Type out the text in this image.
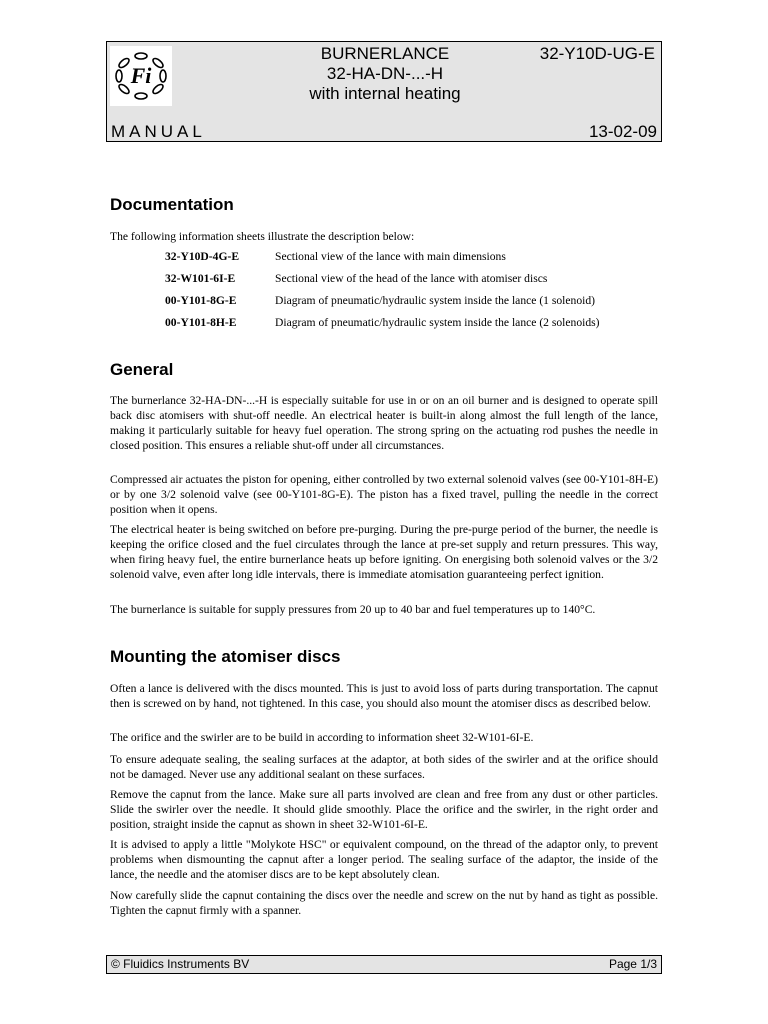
Fi
BURNERLANCE
32-HA-DN-...-H
with internal heating
32-Y10D-UG-E
MANUAL	13-02-09
Documentation

The following information sheets illustrate the description below:

32-Y10D-4G-E	Sectional view of the lance with main dimensions
32-W101-6I-E	Sectional view of the head of the lance with atomiser discs
00-Y101-8G-E	Diagram of pneumatic/hydraulic system inside the lance (1 solenoid)
00-Y101-8H-E	Diagram of pneumatic/hydraulic system inside the lance (2 solenoids)
General

The burnerlance 32-HA-DN-...-H is especially suitable for use in or on an oil burner and is designed to operate spill back disc atomisers with shut-off needle. An electrical heater is built-in along almost the full length of the lance, making it particularly suitable for heavy fuel operation. The strong spring on the actuating rod pushes the needle in closed position. This ensures a reliable shut-off under all circumstances.

Compressed air actuates the piston for opening, either controlled by two external solenoid valves (see 00-Y101-8H-E) or by one 3/2 solenoid valve (see 00-Y101-8G-E). The piston has a fixed travel, pulling the needle in the correct position when it opens.

The electrical heater is being switched on before pre-purging. During the pre-purge period of the burner, the needle is keeping the orifice closed and the fuel circulates through the lance at pre-set supply and return pressures. This way, when firing heavy fuel, the entire burnerlance heats up before igniting. On energising both solenoid valves or the 3/2 solenoid valve, even after long idle intervals, there is immediate atomisation guaranteeing perfect ignition.

The burnerlance is suitable for supply pressures from 20 up to 40 bar and fuel temperatures up to 140°C.

Mounting the atomiser discs

Often a lance is delivered with the discs mounted. This is just to avoid loss of parts during transportation. The capnut then is screwed on by hand, not tightened. In this case, you should also mount the atomiser discs as described below.

The orifice and the swirler are to be build in according to information sheet 32-W101-6I-E.

To ensure adequate sealing, the sealing surfaces at the adaptor, at both sides of the swirler and at the orifice should not be damaged. Never use any additional sealant on these surfaces.

Remove the capnut from the lance. Make sure all parts involved are clean and free from any dust or other particles. Slide the swirler over the needle. It should glide smoothly. Place the orifice and the swirler, in the right order and position, straight inside the capnut as shown in sheet 32-W101-6I-E.

It is advised to apply a little "Molykote HSC" or equivalent compound, on the thread of the adaptor only, to prevent problems when dismounting the capnut after a longer period. The sealing surface of the adaptor, the inside of the lance, the needle and the atomiser discs are to be kept absolutely clean.

Now carefully slide the capnut containing the discs over the needle and screw on the nut by hand as tight as possible. Tighten the capnut firmly with a spanner.

© Fluidics Instruments BV	Page 1/3
